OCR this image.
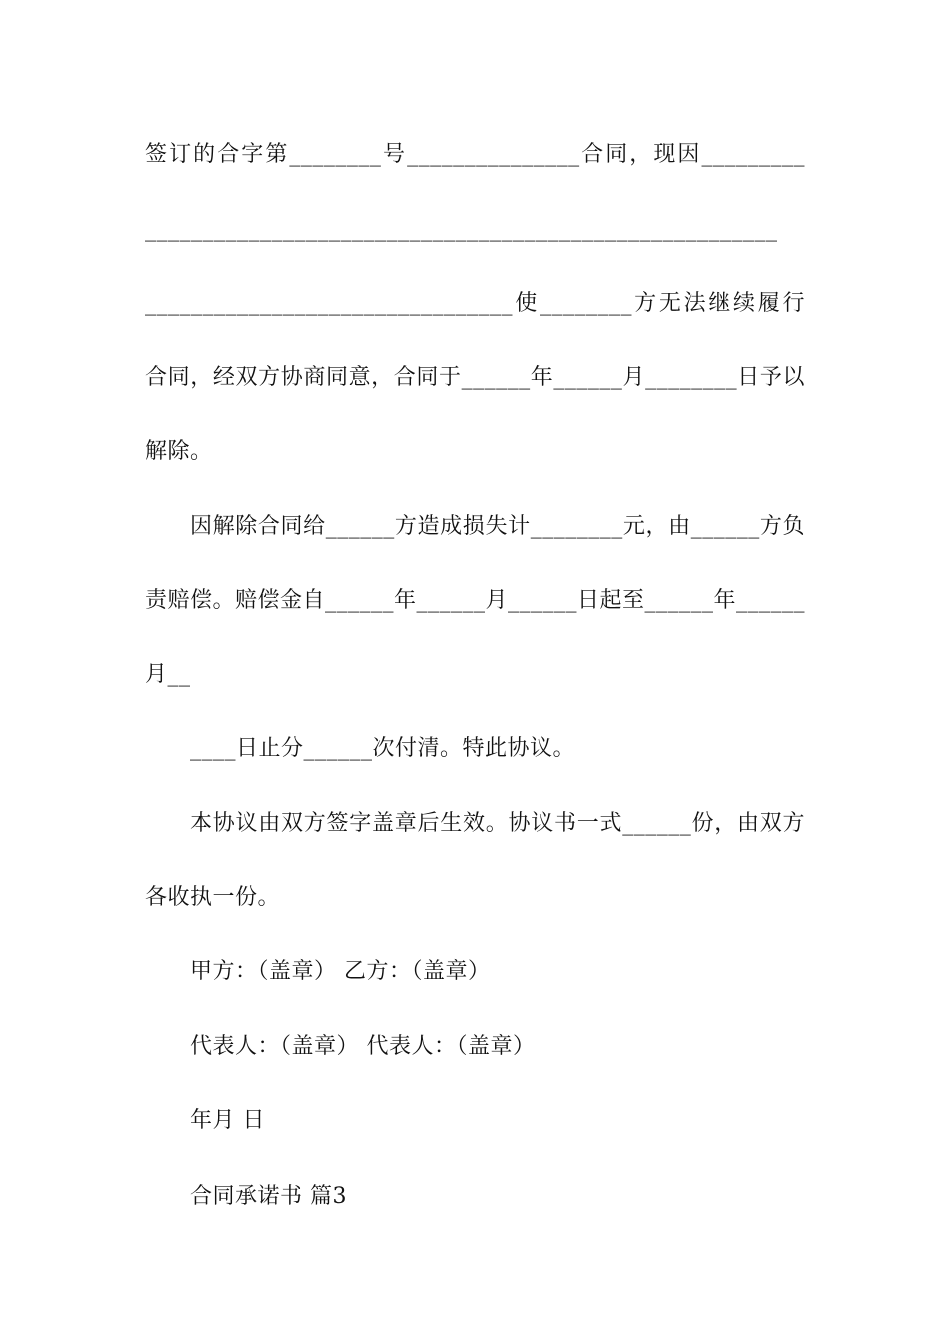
签订的合字第________号_______________合同，现因_________
_______________________________________________________
________________________________使________方无法继续履行
合同，经双方协商同意，合同于______年______月________日予以
解除。
因解除合同给______方造成损失计________元，由______方负
责赔偿。赔偿金自______年______月______日起至______年______
月__
____日止分______次付清。特此协议。
本协议由双方签字盖章后生效。协议书一式______份，由双方
各收执一份。
甲方：（盖章） 乙方：（盖章）
代表人：（盖章） 代表人：（盖章）
年月 日
合同承诺书 篇3
